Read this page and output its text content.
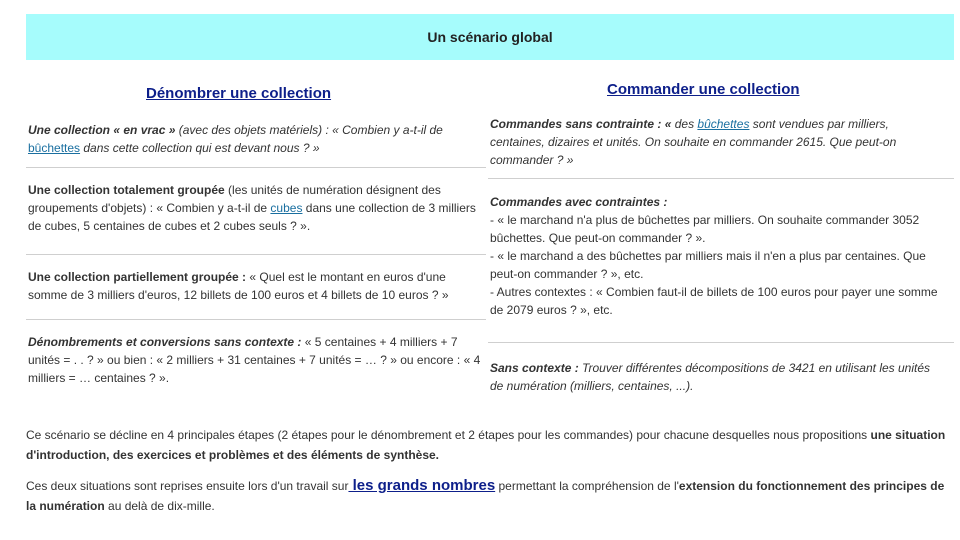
Un scénario global
Dénombrer une collection
Une collection « en vrac » (avec des objets matériels) : « Combien y a-t-il de bûchettes dans cette collection qui est devant nous ? »
Une collection totalement groupée (les unités de numération désignent des groupements d'objets) : « Combien y a-t-il de cubes dans une collection de 3 milliers de cubes, 5 centaines de cubes et 2 cubes seuls ? ».
Une collection partiellement groupée : « Quel est le montant en euros d'une somme de 3 milliers d'euros, 12 billets de 100 euros et 4 billets de 10 euros ? »
Dénombrements et conversions sans contexte : « 5 centaines + 4 milliers + 7 unités = . . ? » ou bien : « 2 milliers + 31 centaines + 7 unités = … ? » ou encore : « 4 milliers = … centaines ? ».
Commander une collection
Commandes sans contrainte : « des bûchettes sont vendues par milliers, centaines, dizaires et unités. On souhaite en commander 2615. Que peut-on commander ? »
Commandes avec contraintes :
- « le marchand n'a plus de bûchettes par milliers. On souhaite commander 3052 bûchettes. Que peut-on commander ? ».
- « le marchand a des bûchettes par milliers mais il n'en a plus par centaines. Que peut-on commander ? », etc.
- Autres contextes : « Combien faut-il de billets de 100 euros pour payer une somme de 2079 euros ? », etc.
Sans contexte : Trouver différentes décompositions de 3421 en utilisant les unités de numération (milliers, centaines, ...).
Ce scénario se décline en 4 principales étapes (2 étapes pour le dénombrement et 2 étapes pour les commandes) pour chacune desquelles nous propositions une situation d'introduction, des exercices et problèmes et des éléments de synthèse.
Ces deux situations sont reprises ensuite lors d'un travail sur les grands nombres permettant la compréhension de l'extension du fonctionnement des principes de la numération au delà de dix-mille.
